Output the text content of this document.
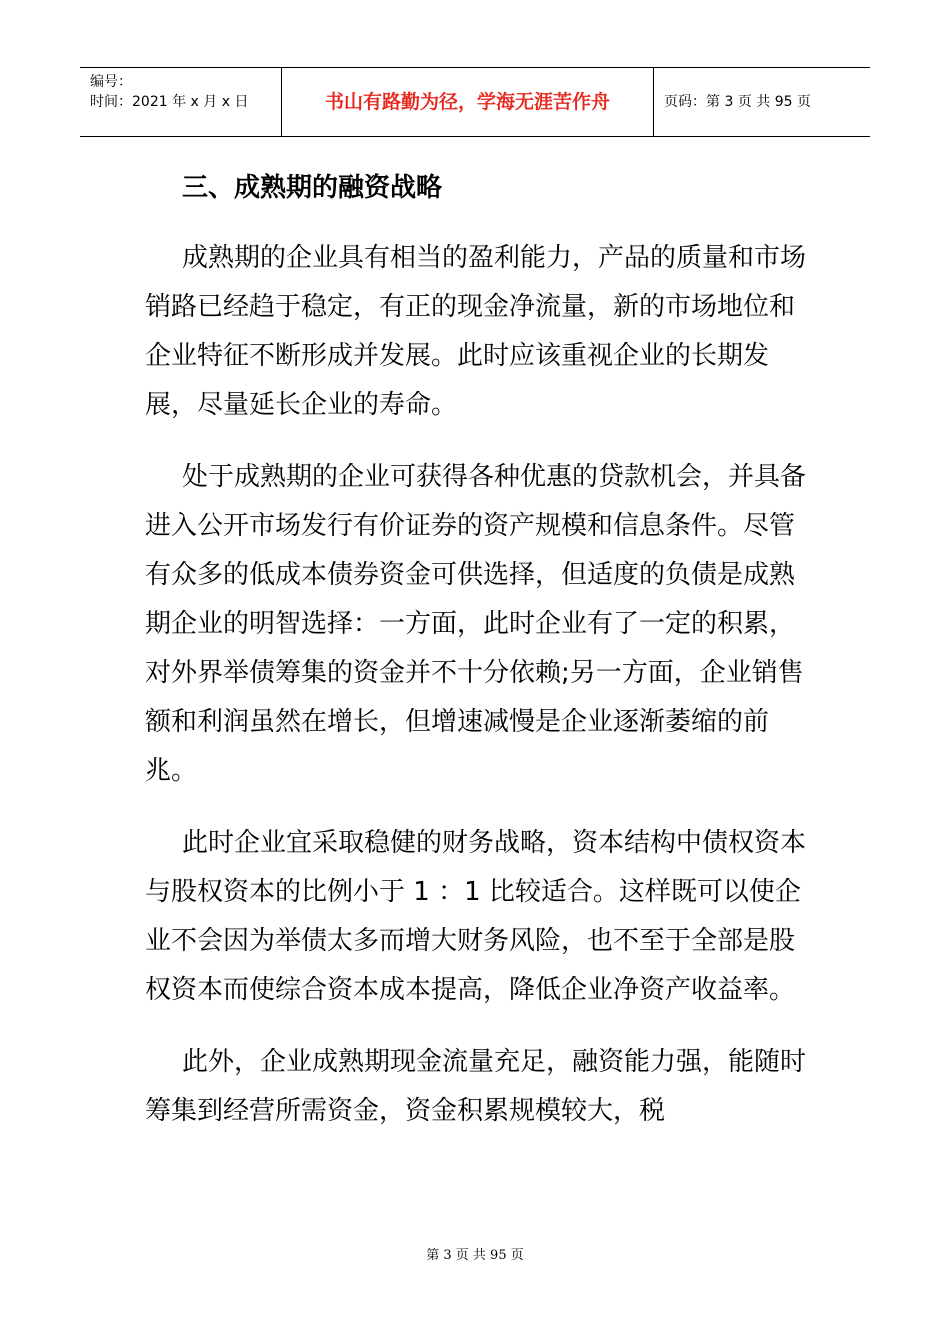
编号：
时间：2021 年 x 月 x 日	书山有路勤为径，学海无涯苦作舟	页码：第 3 页 共 95 页
三、成熟期的融资战略

成熟期的企业具有相当的盈利能力，产品的质量和市场销路已经趋于稳定，有正的现金净流量，新的市场地位和企业特征不断形成并发展。此时应该重视企业的长期发展，尽量延长企业的寿命。

处于成熟期的企业可获得各种优惠的贷款机会，并具备进入公开市场发行有价证券的资产规模和信息条件。尽管有众多的低成本债券资金可供选择，但适度的负债是成熟期企业的明智选择：一方面，此时企业有了一定的积累，对外界举债筹集的资金并不十分依赖;另一方面，企业销售额和利润虽然在增长，但增速减慢是企业逐渐萎缩的前兆。

此时企业宜采取稳健的财务战略，资本结构中债权资本与股权资本的比例小于 1 ：1 比较适合。这样既可以使企业不会因为举债太多而增大财务风险，也不至于全部是股权资本而使综合资本成本提高，降低企业净资产收益率。

此外，企业成熟期现金流量充足，融资能力强，能随时筹集到经营所需资金，资金积累规模较大，税

第 3 页 共 95 页
